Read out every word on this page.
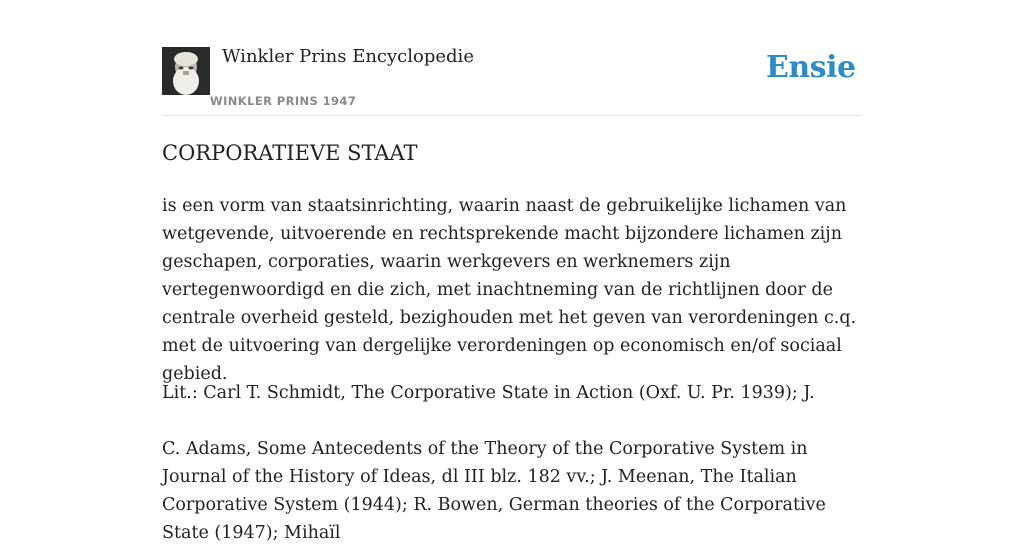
Winkler Prins Encyclopedie
WINKLER PRINS 1947
Ensie
CORPORATIEVE STAAT

is een vorm van staatsinrichting, waarin naast de gebruikelijke lichamen van wetgevende, uitvoerende en rechtsprekende macht bijzondere lichamen zijn geschapen, corporaties, waarin werkgevers en werknemers zijn vertegenwoordigd en die zich, met inachtneming van de richtlijnen door de centrale overheid gesteld, bezighouden met het geven van verordeningen c.q. met de uitvoering van dergelijke verordeningen op economisch en/of sociaal gebied.

Lit.: Carl T. Schmidt, The Corporative State in Action (Oxf. U. Pr. 1939); J.

C. Adams, Some Antecedents of the Theory of the Corporative System in Journal of the History of Ideas, dl III blz. 182 vv.; J. Meenan, The Italian Corporative System (1944); R. Bowen, German theories of the Corporative State (1947); Mihaïl
